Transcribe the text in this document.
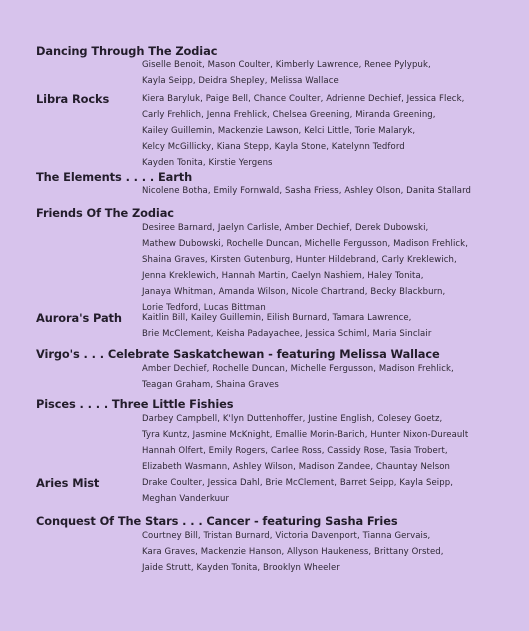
Dancing Through The Zodiac
Giselle Benoit, Mason Coulter, Kimberly Lawrence, Renee Pylypuk,
Kayla Seipp, Deidra Shepley, Melissa Wallace
Libra Rocks	Kiera Baryluk, Paige Bell, Chance Coulter, Adrienne Dechief, Jessica Fleck,
Carly Frehlich, Jenna Frehlick, Chelsea Greening, Miranda Greening,
Kailey Guillemin, Mackenzie Lawson, Kelci Little, Torie Malaryk,
Kelcy McGillicky, Kiana Stepp, Kayla Stone, Katelynn Tedford
Kayden Tonita, Kirstie Yergens
The Elements . . . . Earth
Nicolene Botha, Emily Fornwald, Sasha Friess, Ashley Olson, Danita Stallard
Friends Of The Zodiac
Desiree Barnard, Jaelyn Carlisle, Amber Dechief, Derek Dubowski,
Mathew Dubowski, Rochelle Duncan, Michelle Fergusson, Madison Frehlick,
Shaina Graves, Kirsten Gutenburg, Hunter Hildebrand, Carly Kreklewich,
Jenna Kreklewich, Hannah Martin, Caelyn Nashiem, Haley Tonita,
Janaya Whitman, Amanda Wilson, Nicole Chartrand, Becky Blackburn,
Lorie Tedford, Lucas Bittman
Aurora's Path Kaitlin Bill, Kailey Guillemin, Eilish Burnard, Tamara Lawrence,
Brie McClement, Keisha Padayachee, Jessica Schiml, Maria Sinclair
Virgo's . . . Celebrate Saskatchewan - featuring Melissa Wallace
Amber Dechief, Rochelle Duncan, Michelle Fergusson, Madison Frehlick,
Teagan Graham, Shaina Graves
Pisces . . . . Three Little Fishies
Darbey Campbell, K'lyn Duttenhoffer, Justine English, Colesey Goetz,
Tyra Kuntz, Jasmine McKnight, Emallie Morin-Barich, Hunter Nixon-Dureault
Hannah Olfert, Emily Rogers, Carlee Ross, Cassidy Rose, Tasia Trobert,
Elizabeth Wasmann, Ashley Wilson, Madison Zandee, Chauntay Nelson
Aries Mist	Drake Coulter, Jessica Dahl, Brie McClement, Barret Seipp, Kayla Seipp,
Meghan Vanderkuur
Conquest Of The Stars . . . Cancer - featuring Sasha Fries
Courtney Bill, Tristan Burnard, Victoria Davenport, Tianna Gervais,
Kara Graves, Mackenzie Hanson, Allyson Haukeness, Brittany Orsted,
Jaide Strutt, Kayden Tonita, Brooklyn Wheeler
